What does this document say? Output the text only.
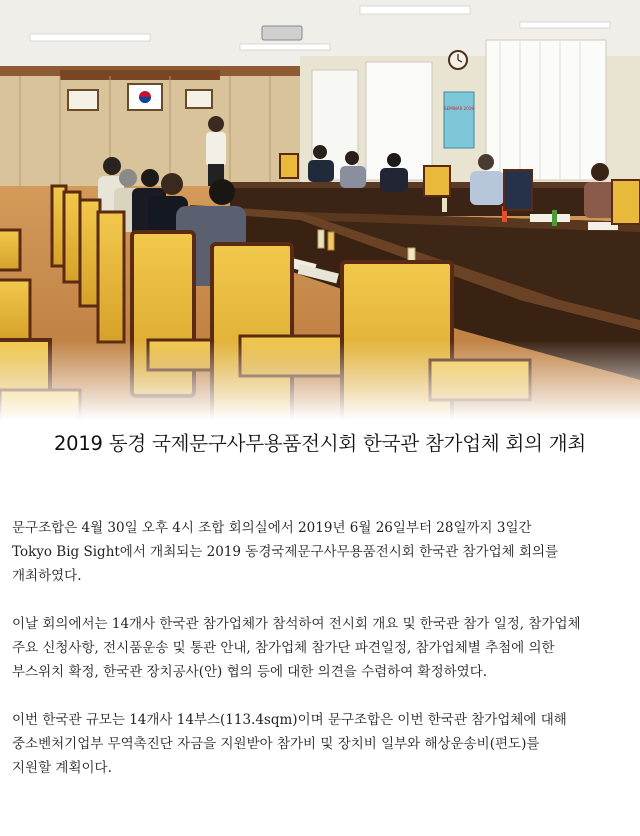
SEMINAR 2019
2019 동경 국제문구사무용품전시회 한국관 참가업체 회의 개최

문구조합은 4월 30일 오후 4시 조합 회의실에서 2019년 6월 26일부터 28일까지 3일간
Tokyo Big Sight에서 개최되는 2019 동경국제문구사무용품전시회 한국관 참가업체 회의를
개최하였다.

이날 회의에서는 14개사 한국관 참가업체가 참석하여 전시회 개요 및 한국관 참가 일정, 참가업체
주요 신청사항, 전시품운송 및 통관 안내, 참가업체 참가단 파견일정, 참가업체별 추첨에 의한
부스위치 확정, 한국관 장치공사(안) 협의 등에 대한 의견을 수렴하여 확정하였다.

이번 한국관 규모는 14개사 14부스(113.4sqm)이며 문구조합은 이번 한국관 참가업체에 대해
중소벤처기업부 무역촉진단 자금을 지원받아 참가비 및 장치비 일부와 해상운송비(편도)를
지원할 계획이다.
